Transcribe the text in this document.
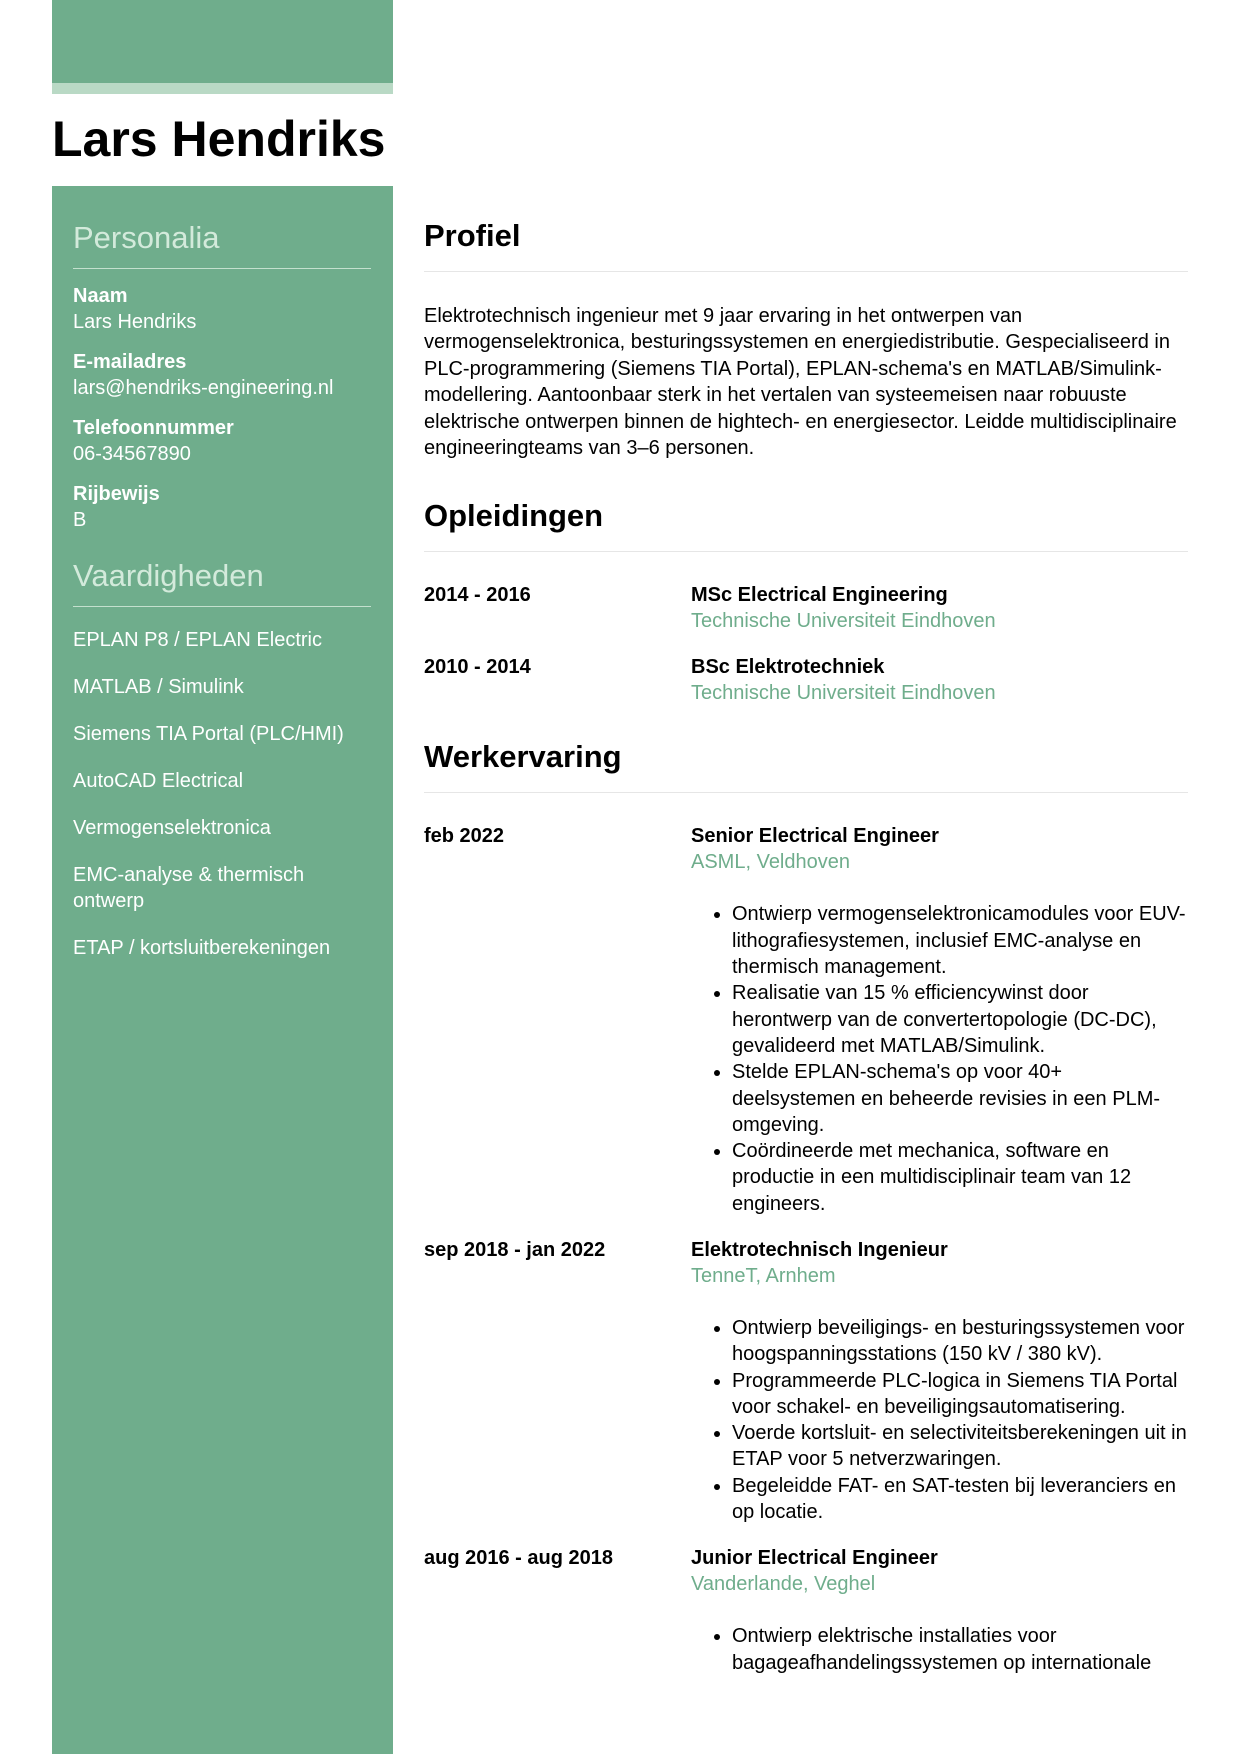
Lars Hendriks
Personalia
Naam
Lars Hendriks
E-mailadres
lars@hendriks-engineering.nl
Telefoonnummer
06-34567890
Rijbewijs
B
Vaardigheden
EPLAN P8 / EPLAN Electric
MATLAB / Simulink
Siemens TIA Portal (PLC/HMI)
AutoCAD Electrical
Vermogenselektronica
EMC-analyse & thermisch ontwerp
ETAP / kortsluitberekeningen
Profiel

Elektrotechnisch ingenieur met 9 jaar ervaring in het ontwerpen van vermogenselektronica, besturingssystemen en energiedistributie. Gespecialiseerd in PLC-programmering (Siemens TIA Portal), EPLAN-schema's en MATLAB/Simulink-modellering. Aantoonbaar sterk in het vertalen van systeemeisen naar robuuste elektrische ontwerpen binnen de hightech- en energiesector. Leidde multidisciplinaire engineeringteams van 3–6 personen.

Opleidingen
2014 - 2016	MSc Electrical Engineering
Technische Universiteit Eindhoven
2010 - 2014	BSc Elektrotechniek
Technische Universiteit Eindhoven
Werkervaring
feb 2022	Senior Electrical Engineer
ASML, Veldhoven
• Ontwierp vermogenselektronicamodules voor EUV-lithografiesystemen, inclusief EMC-analyse en thermisch management.
• Realisatie van 15 % efficiencywinst door herontwerp van de convertertopologie (DC-DC), gevalideerd met MATLAB/Simulink.
• Stelde EPLAN-schema's op voor 40+ deelsystemen en beheerde revisies in een PLM-omgeving.
• Coördineerde met mechanica, software en productie in een multidisciplinair team van 12 engineers.
sep 2018 - jan 2022	Elektrotechnisch Ingenieur
TenneT, Arnhem
• Ontwierp beveiligings- en besturingssystemen voor hoogspanningsstations (150 kV / 380 kV).
• Programmeerde PLC-logica in Siemens TIA Portal voor schakel- en beveiligingsautomatisering.
• Voerde kortsluit- en selectiviteitsberekeningen uit in ETAP voor 5 netverzwaringen.
• Begeleidde FAT- en SAT-testen bij leveranciers en op locatie.
aug 2016 - aug 2018	Junior Electrical Engineer
Vanderlande, Veghel
• Ontwierp elektrische installaties voor bagageafhandelingssystemen op internationale
